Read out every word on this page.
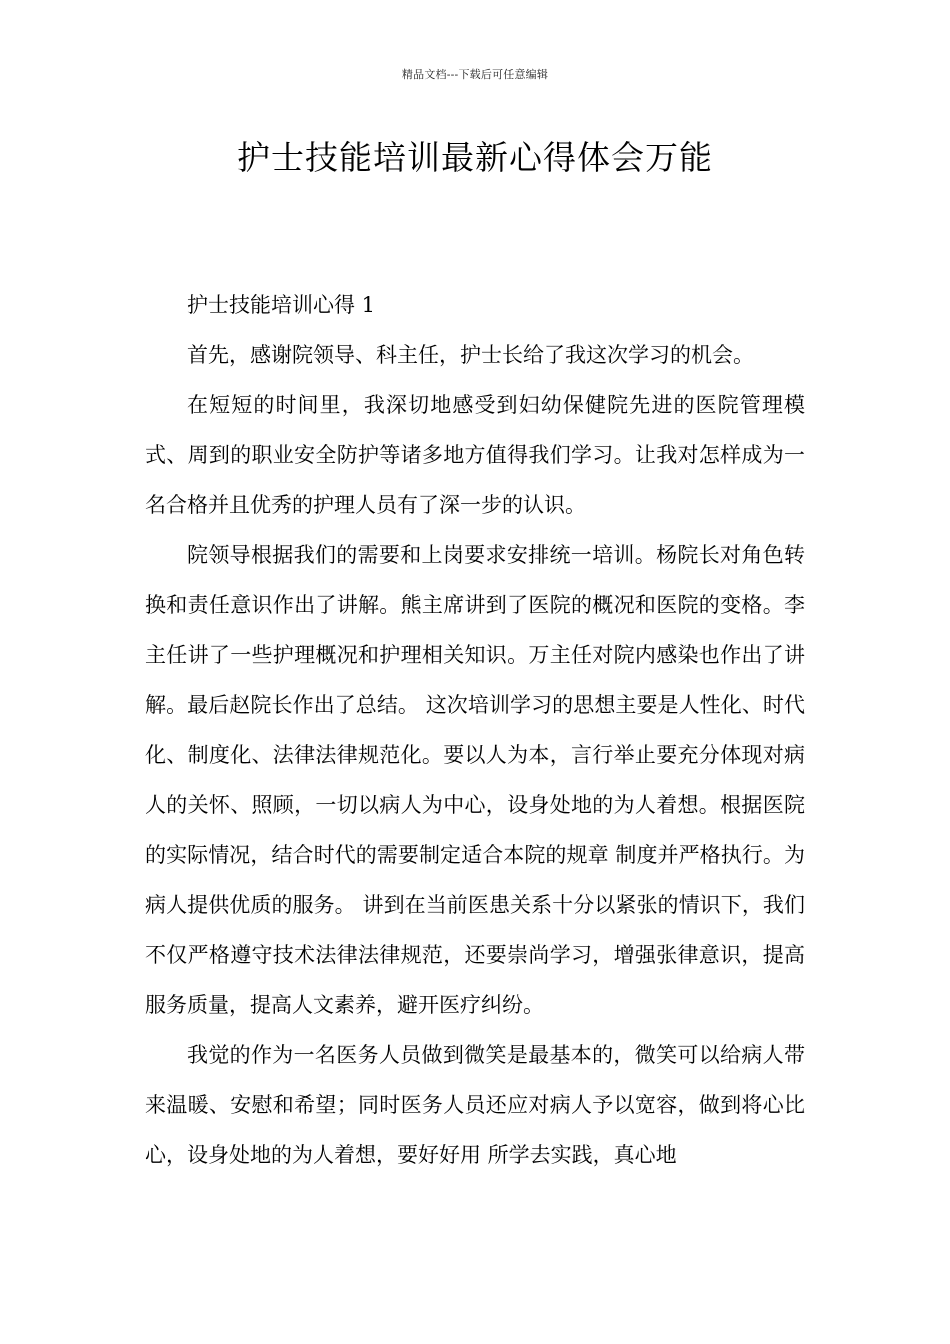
精品文档---下载后可任意编辑
护士技能培训最新心得体会万能

护士技能培训心得 1

首先，感谢院领导、科主任，护士长给了我这次学习的机会。

在短短的时间里，我深切地感受到妇幼保健院先进的医院管理模式、周到的职业安全防护等诸多地方值得我们学习。让我对怎样成为一名合格并且优秀的护理人员有了深一步的认识。

院领导根据我们的需要和上岗要求安排统一培训。杨院长对角色转换和责任意识作出了讲解。熊主席讲到了医院的概况和医院的变格。李主任讲了一些护理概况和护理相关知识。万主任对院内感染也作出了讲解。最后赵院长作出了总结。 这次培训学习的思想主要是人性化、时代化、制度化、法律法律规范化。要以人为本，言行举止要充分体现对病人的关怀、照顾，一切以病人为中心，设身处地的为人着想。根据医院的实际情况，结合时代的需要制定适合本院的规章 制度并严格执行。为病人提供优质的服务。 讲到在当前医患关系十分以紧张的情识下，我们不仅严格遵守技术法律法律规范，还要崇尚学习，增强张律意识，提高服务质量，提高人文素养，避开医疗纠纷。

我觉的作为一名医务人员做到微笑是最基本的，微笑可以给病人带来温暖、安慰和希望；同时医务人员还应对病人予以宽容，做到将心比心，设身处地的为人着想，要好好用 所学去实践，真心地
